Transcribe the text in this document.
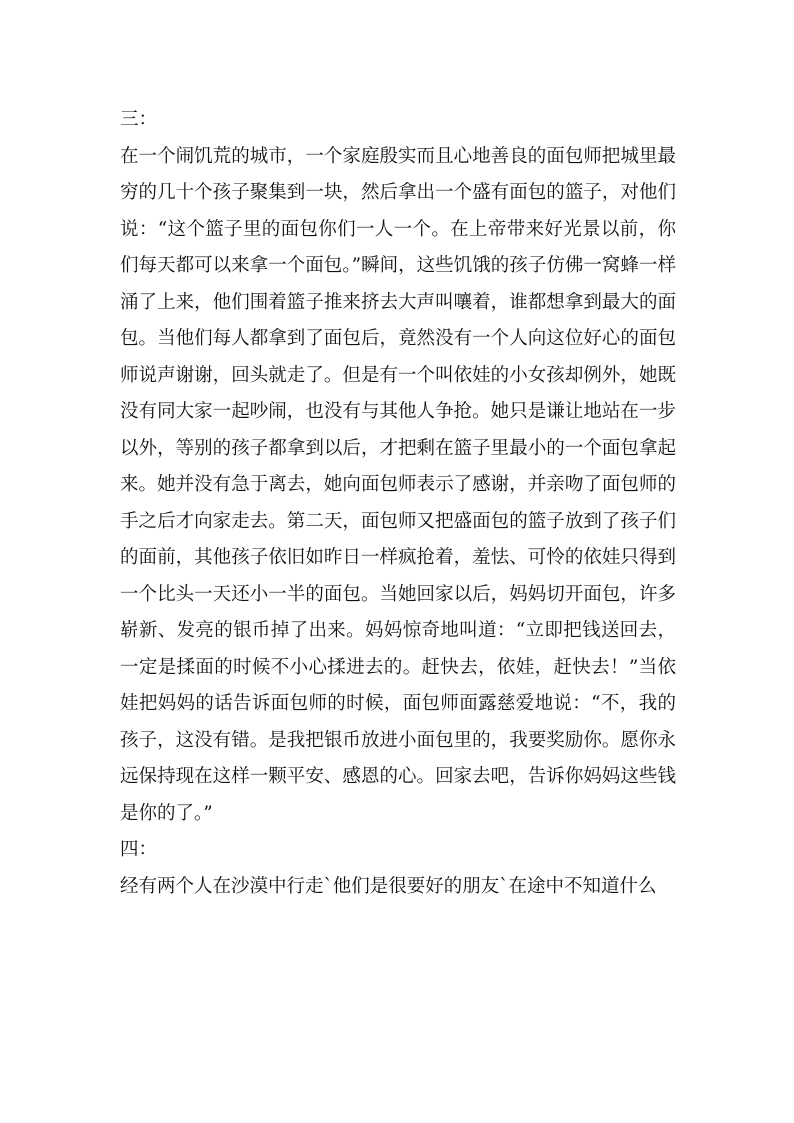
三：

在一个闹饥荒的城市，一个家庭殷实而且心地善良的面包师把城里最穷的几十个孩子聚集到一块，然后拿出一个盛有面包的篮子，对他们说：“这个篮子里的面包你们一人一个。在上帝带来好光景以前，你们每天都可以来拿一个面包。”瞬间，这些饥饿的孩子仿佛一窝蜂一样涌了上来，他们围着篮子推来挤去大声叫嚷着，谁都想拿到最大的面包。当他们每人都拿到了面包后，竟然没有一个人向这位好心的面包师说声谢谢，回头就走了。但是有一个叫依娃的小女孩却例外，她既没有同大家一起吵闹，也没有与其他人争抢。她只是谦让地站在一步以外，等别的孩子都拿到以后，才把剩在篮子里最小的一个面包拿起来。她并没有急于离去，她向面包师表示了感谢，并亲吻了面包师的手之后才向家走去。第二天，面包师又把盛面包的篮子放到了孩子们的面前，其他孩子依旧如昨日一样疯抢着，羞怯、可怜的依娃只得到一个比头一天还小一半的面包。当她回家以后，妈妈切开面包，许多崭新、发亮的银币掉了出来。妈妈惊奇地叫道：“立即把钱送回去，一定是揉面的时候不小心揉进去的。赶快去，依娃，赶快去！”当依娃把妈妈的话告诉面包师的时候，面包师面露慈爱地说：“不，我的孩子，这没有错。是我把银币放进小面包里的，我要奖励你。愿你永远保持现在这样一颗平安、感恩的心。回家去吧，告诉你妈妈这些钱是你的了。”

四：

经有两个人在沙漠中行走`他们是很要好的朋友`在途中不知道什么
